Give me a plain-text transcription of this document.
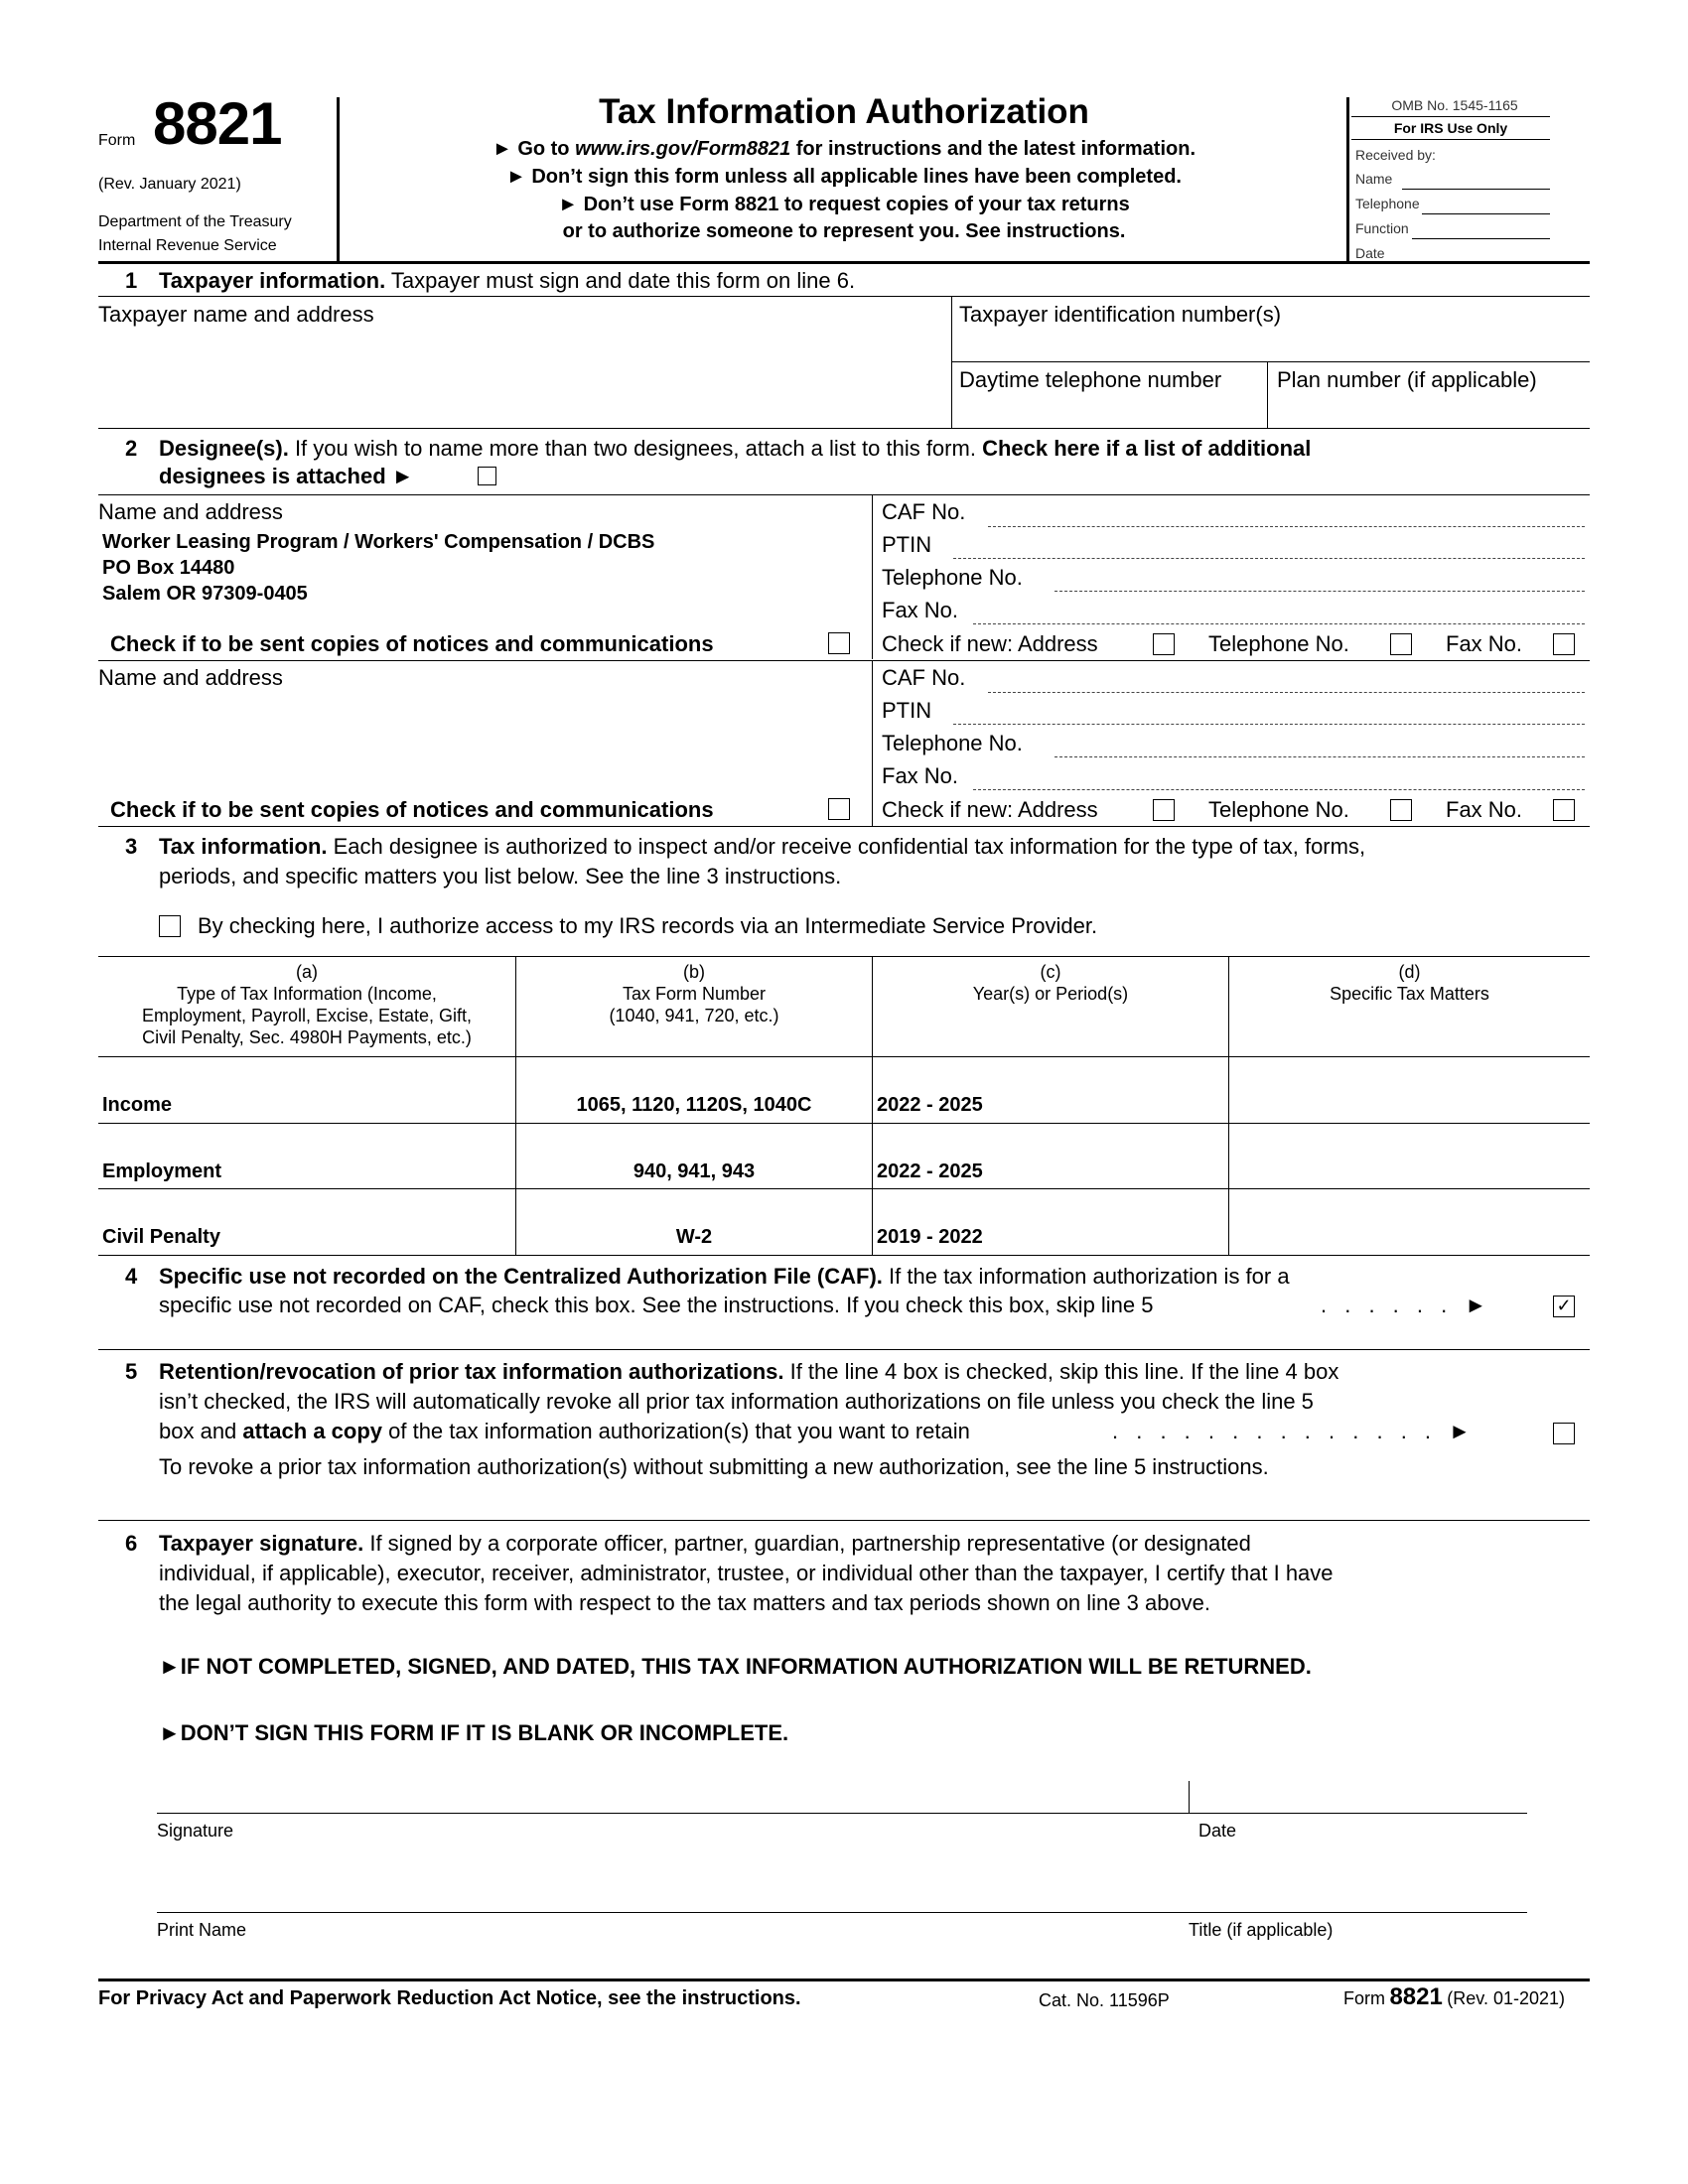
Form 8821
(Rev. January 2021)
Department of the Treasury
Internal Revenue Service
Tax Information Authorization
► Go to www.irs.gov/Form8821 for instructions and the latest information.
► Don’t sign this form unless all applicable lines have been completed.
► Don’t use Form 8821 to request copies of your tax returns
or to authorize someone to represent you. See instructions.
OMB No. 1545-1165
For IRS Use Only
Received by:
Name
Telephone
Function
Date
1 Taxpayer information. Taxpayer must sign and date this form on line 6.
Taxpayer name and address	Taxpayer identification number(s)
Daytime telephone number	Plan number (if applicable)
2 Designee(s). If you wish to name more than two designees, attach a list to this form. Check here if a list of additional
designees is attached ►
Name and address
Worker Leasing Program / Workers' Compensation / DCBS
PO Box 14480
Salem OR 97309-0405
Check if to be sent copies of notices and communications
CAF No.
PTIN
Telephone No.
Fax No.
Check if new: Address	Telephone No.	Fax No.
Name and address
Check if to be sent copies of notices and communications
CAF No.
PTIN
Telephone No.
Fax No.
Check if new: Address	Telephone No.	Fax No.
3 Tax information. Each designee is authorized to inspect and/or receive confidential tax information for the type of tax, forms,
periods, and specific matters you list below. See the line 3 instructions.
By checking here, I authorize access to my IRS records via an Intermediate Service Provider.
(a)
Type of Tax Information (Income,
Employment, Payroll, Excise, Estate, Gift,
Civil Penalty, Sec. 4980H Payments, etc.)
(b)
Tax Form Number
(1040, 941, 720, etc.)
(c)
Year(s) or Period(s)
(d)
Specific Tax Matters
Income	1065, 1120, 1120S, 1040C	2022 - 2025
Employment	940, 941, 943	2022 - 2025
Civil Penalty	W-2	2019 - 2022
4 Specific use not recorded on the Centralized Authorization File (CAF). If the tax information authorization is for a
specific use not recorded on CAF, check this box. See the instructions. If you check this box, skip line 5	. . . . . . ►	✓
5 Retention/revocation of prior tax information authorizations. If the line 4 box is checked, skip this line. If the line 4 box
isn’t checked, the IRS will automatically revoke all prior tax information authorizations on file unless you check the line 5
box and attach a copy of the tax information authorization(s) that you want to retain	. . . . . . . . . . . . . . ►
To revoke a prior tax information authorization(s) without submitting a new authorization, see the line 5 instructions.
6 Taxpayer signature. If signed by a corporate officer, partner, guardian, partnership representative (or designated
individual, if applicable), executor, receiver, administrator, trustee, or individual other than the taxpayer, I certify that I have
the legal authority to execute this form with respect to the tax matters and tax periods shown on line 3 above.
►IF NOT COMPLETED, SIGNED, AND DATED, THIS TAX INFORMATION AUTHORIZATION WILL BE RETURNED.
►DON’T SIGN THIS FORM IF IT IS BLANK OR INCOMPLETE.
Signature	Date
Print Name	Title (if applicable)
For Privacy Act and Paperwork Reduction Act Notice, see the instructions.	Cat. No. 11596P	Form 8821 (Rev. 01-2021)
